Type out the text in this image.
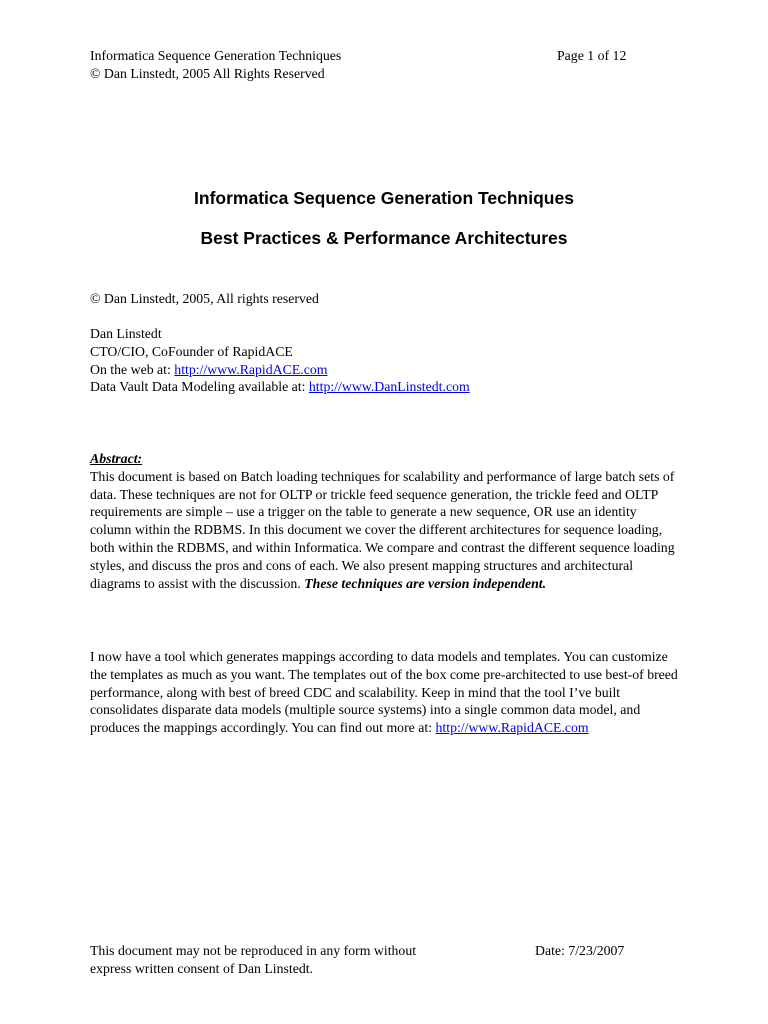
Informatica Sequence Generation Techniques
© Dan Linstedt, 2005 All Rights Reserved
Page 1 of 12
Informatica Sequence Generation Techniques
Best Practices & Performance Architectures
© Dan Linstedt, 2005, All rights reserved
Dan Linstedt
CTO/CIO, CoFounder of RapidACE
On the web at: http://www.RapidACE.com
Data Vault Data Modeling available at: http://www.DanLinstedt.com
Abstract:

This document is based on Batch loading techniques for scalability and performance of large batch sets of data. These techniques are not for OLTP or trickle feed sequence generation, the trickle feed and OLTP requirements are simple – use a trigger on the table to generate a new sequence, OR use an identity column within the RDBMS. In this document we cover the different architectures for sequence loading, both within the RDBMS, and within Informatica. We compare and contrast the different sequence loading styles, and discuss the pros and cons of each. We also present mapping structures and architectural diagrams to assist with the discussion. These techniques are version independent.

I now have a tool which generates mappings according to data models and templates. You can customize the templates as much as you want. The templates out of the box come pre-architected to use best-of breed performance, along with best of breed CDC and scalability. Keep in mind that the tool I’ve built consolidates disparate data models (multiple source systems) into a single common data model, and produces the mappings accordingly. You can find out more at: http://www.RapidACE.com

This document may not be reproduced in any form without
express written consent of Dan Linstedt.
Date: 7/23/2007
